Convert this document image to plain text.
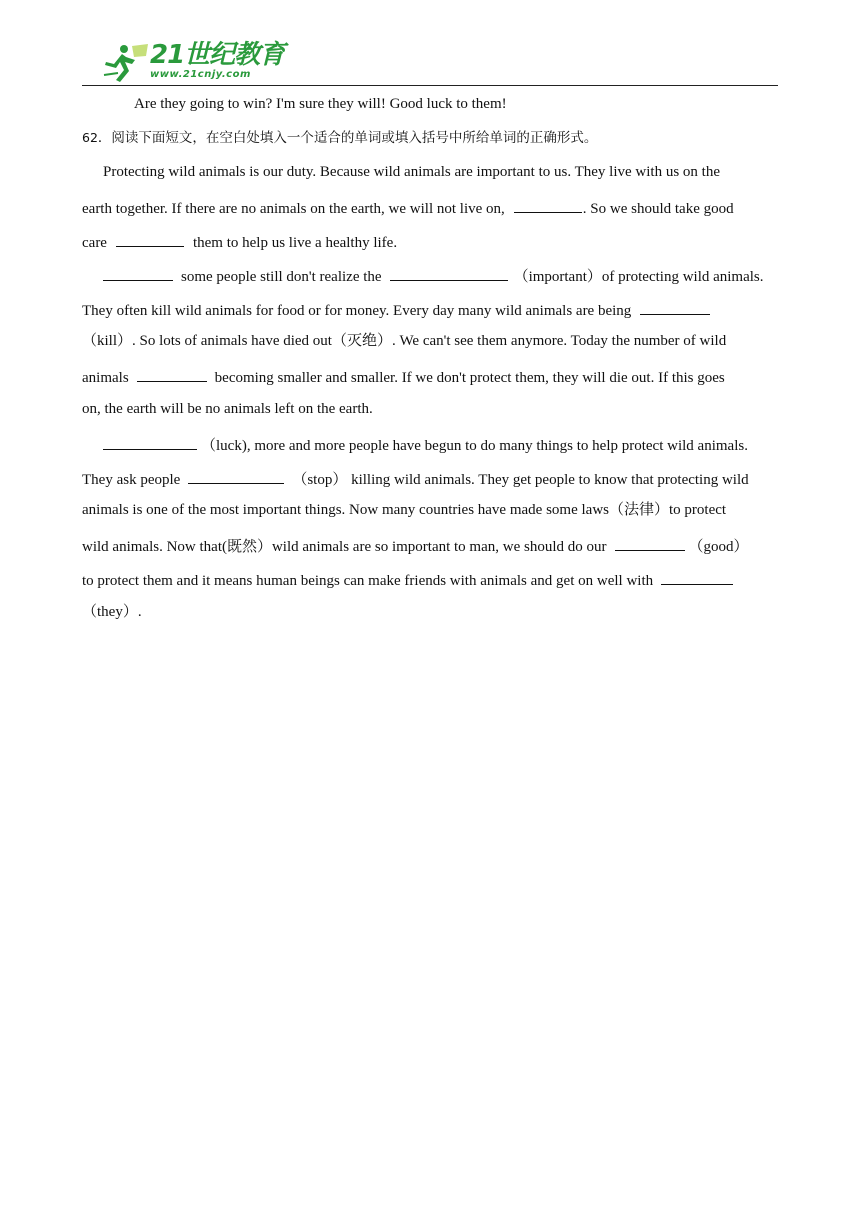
21世纪教育
www.21cnjy.com
Are they going to win? I'm sure they will! Good luck to them!
62．阅读下面短文，在空白处填入一个适合的单词或填入括号中所给单词的正确形式。
Protecting wild animals is our duty. Because wild animals are important to us. They live with us on the
earth together. If there are no animals on the earth, we will not live on,	. So we should take good
care	them to help us live a healthy life.
some people still don't realize the	（important）of protecting wild animals.
They often kill wild animals for food or for money. Every day many wild animals are being
（kill）. So lots of animals have died out（灭绝）. We can't see them anymore. Today the number of wild
animals	becoming smaller and smaller. If we don't protect them, they will die out. If this goes
on, the earth will be no animals left on the earth.
（luck), more and more people have begun to do many things to help protect wild animals.
They ask people	（stop） killing wild animals. They get people to know that protecting wild
animals is one of the most important things. Now many countries have made some laws（法律）to protect
wild animals. Now that(既然）wild animals are so important to man, we should do our	（good）
to protect them and it means human beings can make friends with animals and get on well with
（they）.
